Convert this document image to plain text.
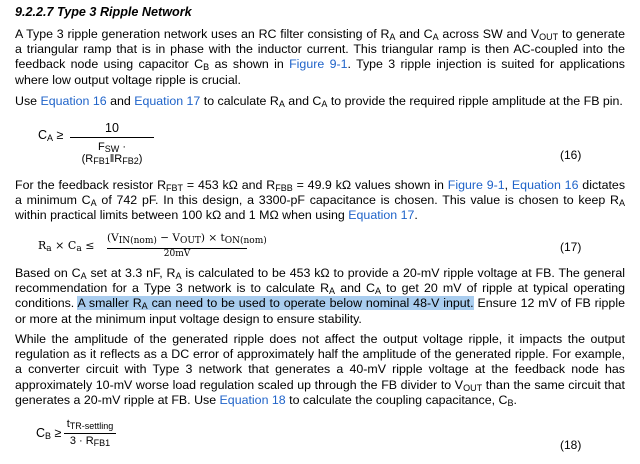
9.2.2.7 Type 3 Ripple Network
A Type 3 ripple generation network uses an RC filter consisting of $R_A$ and $C_A$ across SW and $V_{OUT}$ to generate a triangular ramp that is in phase with the inductor current. This triangular ramp is then AC-coupled into the feedback node using capacitor $C_B$ as shown in Figure 9-1. Type 3 ripple injection is suited for applications where low output voltage ripple is crucial.
Use Equation 16 and Equation 17 to calculate $R_A$ and $C_A$ to provide the required ripple amplitude at the FB pin.
$C_A$ ≥	10
$F_{SW}$ · $(R_{FB1}‖R_{FB2})$	(16)
For the feedback resistor $R_{FBT} = 453$ kΩ and $R_{FBB} = 49.9$ kΩ values shown in Figure 9-1, Equation 16 dictates a minimum $C_A$ of 742 pF. In this design, a 3300-pF capacitance is chosen. This value is chosen to keep $R_A$ within practical limits between 100 kΩ and 1 MΩ when using Equation 17.
$R_a \times C_a$ ≤
$(V_{IN(nom)} - V_{OUT}) \times t_{ON(nom)}$
20mV	(17)
Based on $C_A$ set at 3.3 nF, $R_A$ is calculated to be 453 kΩ to provide a 20-mV ripple voltage at FB. The general recommendation for a Type 3 network is to calculate $R_A$ and $C_A$ to get 20 mV of ripple at typical operating conditions. A smaller $R_A$ can need to be used to operate below nominal 48-V input. Ensure 12 mV of FB ripple or more at the minimum input voltage design to ensure stability.
While the amplitude of the generated ripple does not affect the output voltage ripple, it impacts the output regulation as it reflects as a DC error of approximately half the amplitude of the generated ripple. For example, a converter circuit with Type 3 network that generates a 40-mV ripple voltage at the feedback node has approximately 10-mV worse load regulation scaled up through the FB divider to $V_{OUT}$ than the same circuit that generates a 20-mV ripple at FB. Use Equation 18 to calculate the coupling capacitance, $C_B$.
$C_B$ ≥
$t_{TR-settling}$
$3 \cdot R_{FB1}$	(18)
